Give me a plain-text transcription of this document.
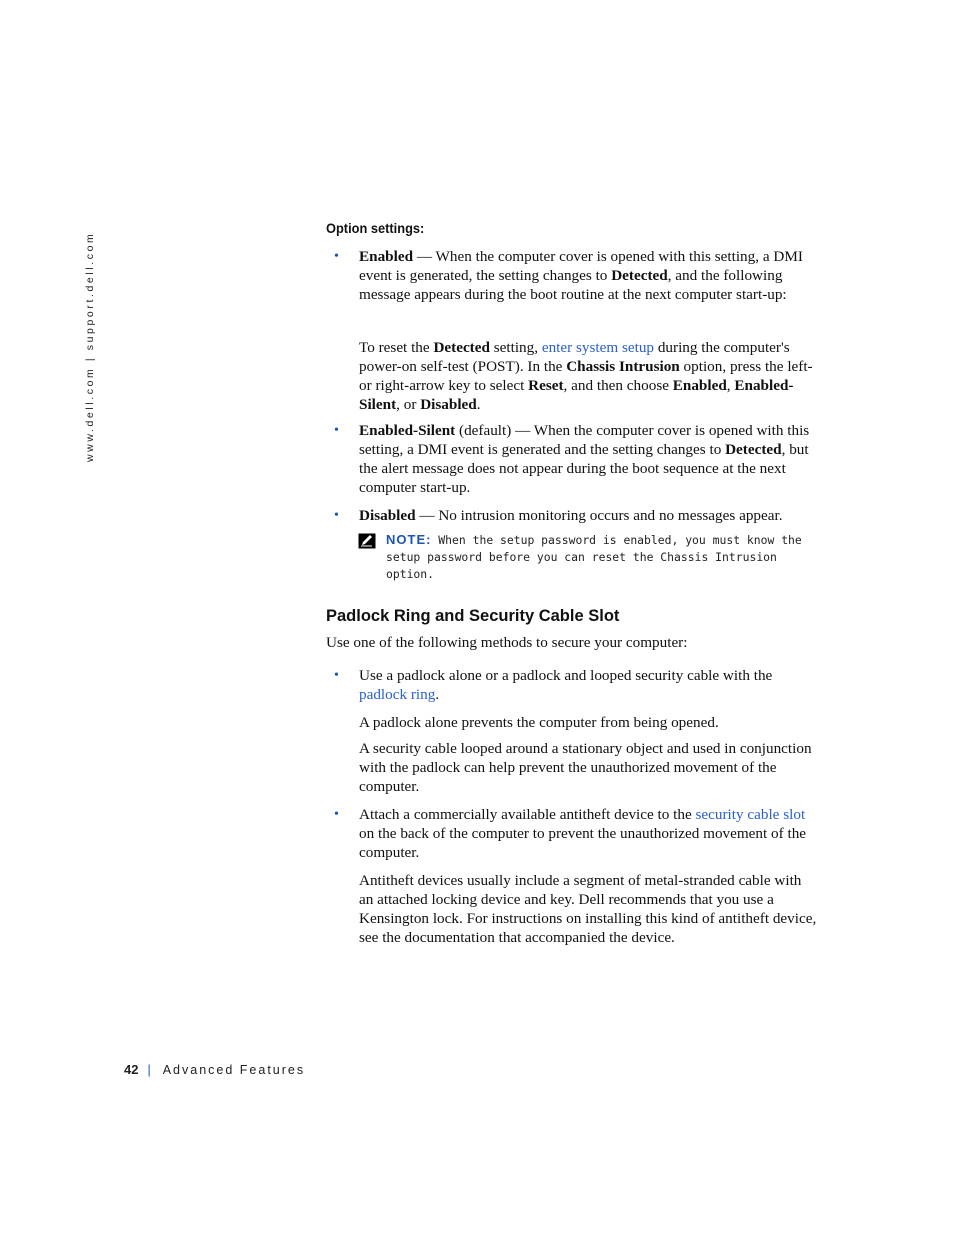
www.dell.com | support.dell.com
Option settings:
• Enabled — When the computer cover is opened with this setting, a DMI event is generated, the setting changes to Detected, and the following message appears during the boot routine at the next computer start-up:

To reset the Detected setting, enter system setup during the computer's power-on self-test (POST). In the Chassis Intrusion option, press the left- or right-arrow key to select Reset, and then choose Enabled, Enabled-Silent, or Disabled.

• Enabled-Silent (default) — When the computer cover is opened with this setting, a DMI event is generated and the setting changes to Detected, but the alert message does not appear during the boot sequence at the next computer start-up.

• Disabled — No intrusion monitoring occurs and no messages appear.

NOTE: When the setup password is enabled, you must know the setup password before you can reset the Chassis Intrusion option.
Padlock Ring and Security Cable Slot

Use one of the following methods to secure your computer:

• Use a padlock alone or a padlock and looped security cable with the padlock ring.

A padlock alone prevents the computer from being opened.

A security cable looped around a stationary object and used in conjunction with the padlock can help prevent the unauthorized movement of the computer.

• Attach a commercially available antitheft device to the security cable slot on the back of the computer to prevent the unauthorized movement of the computer.

Antitheft devices usually include a segment of metal-stranded cable with an attached locking device and key. Dell recommends that you use a Kensington lock. For instructions on installing this kind of antitheft device, see the documentation that accompanied the device.

42 | Advanced Features
